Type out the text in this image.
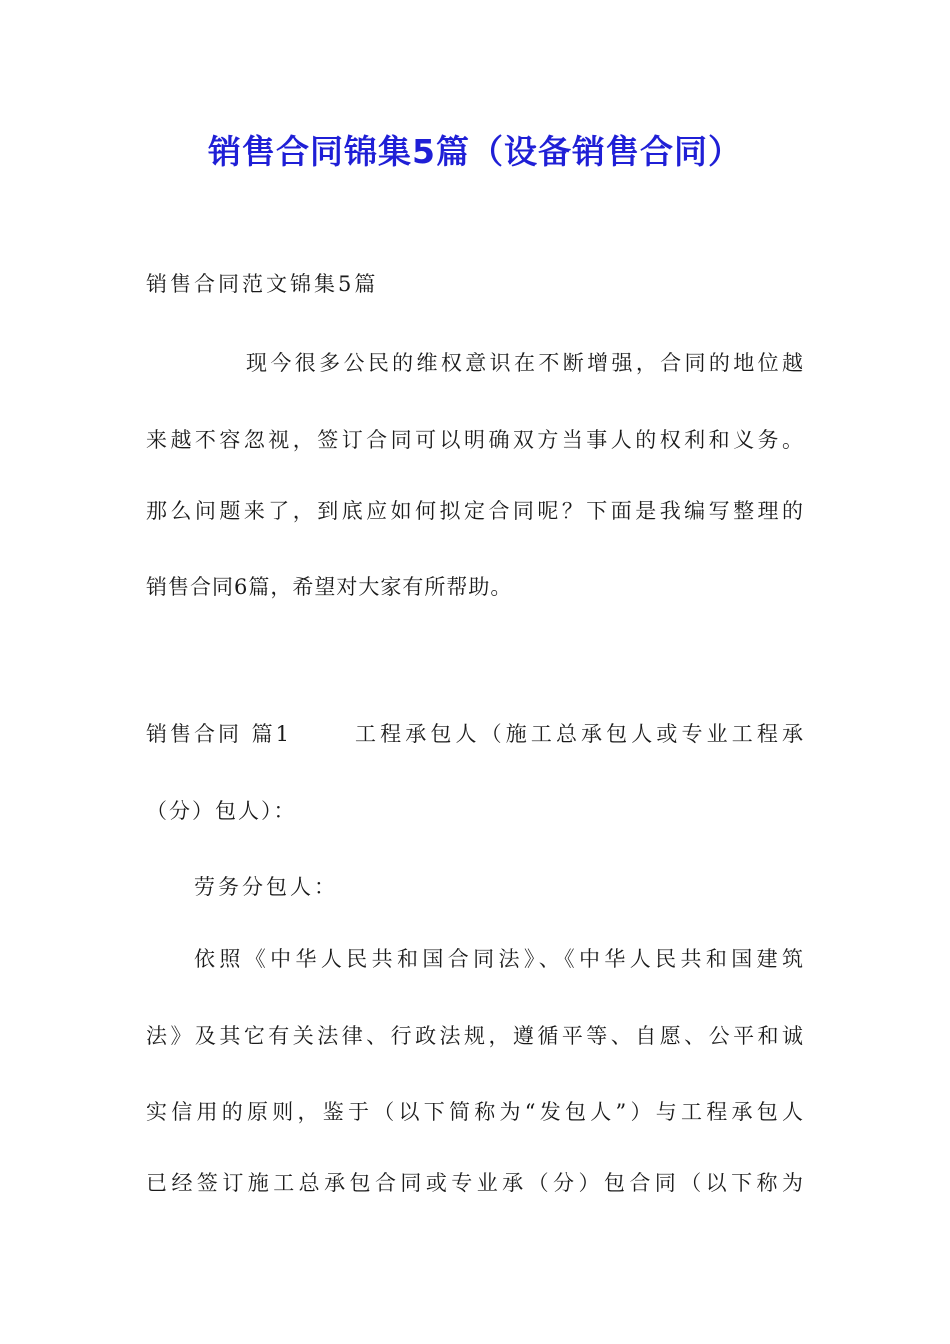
销售合同锦集5篇（设备销售合同）
销售合同范文锦集5篇
现今很多公民的维权意识在不断增强，合同的地位越
来越不容忽视，签订合同可以明确双方当事人的权利和义务。
那么问题来了，到底应如何拟定合同呢？下面是我编写整理的
销售合同6篇，希望对大家有所帮助。
销售合同 篇1	工程承包人（施工总承包人或专业工程承
（分）包人）：
劳务分包人：
依照《中华人民共和国合同法》、《中华人民共和国建筑
法》及其它有关法律、行政法规，遵循平等、自愿、公平和诚
实信用的原则，鉴于（以下简称为“发包人”）与工程承包人
已经签订施工总承包合同或专业承（分）包合同（以下称为
